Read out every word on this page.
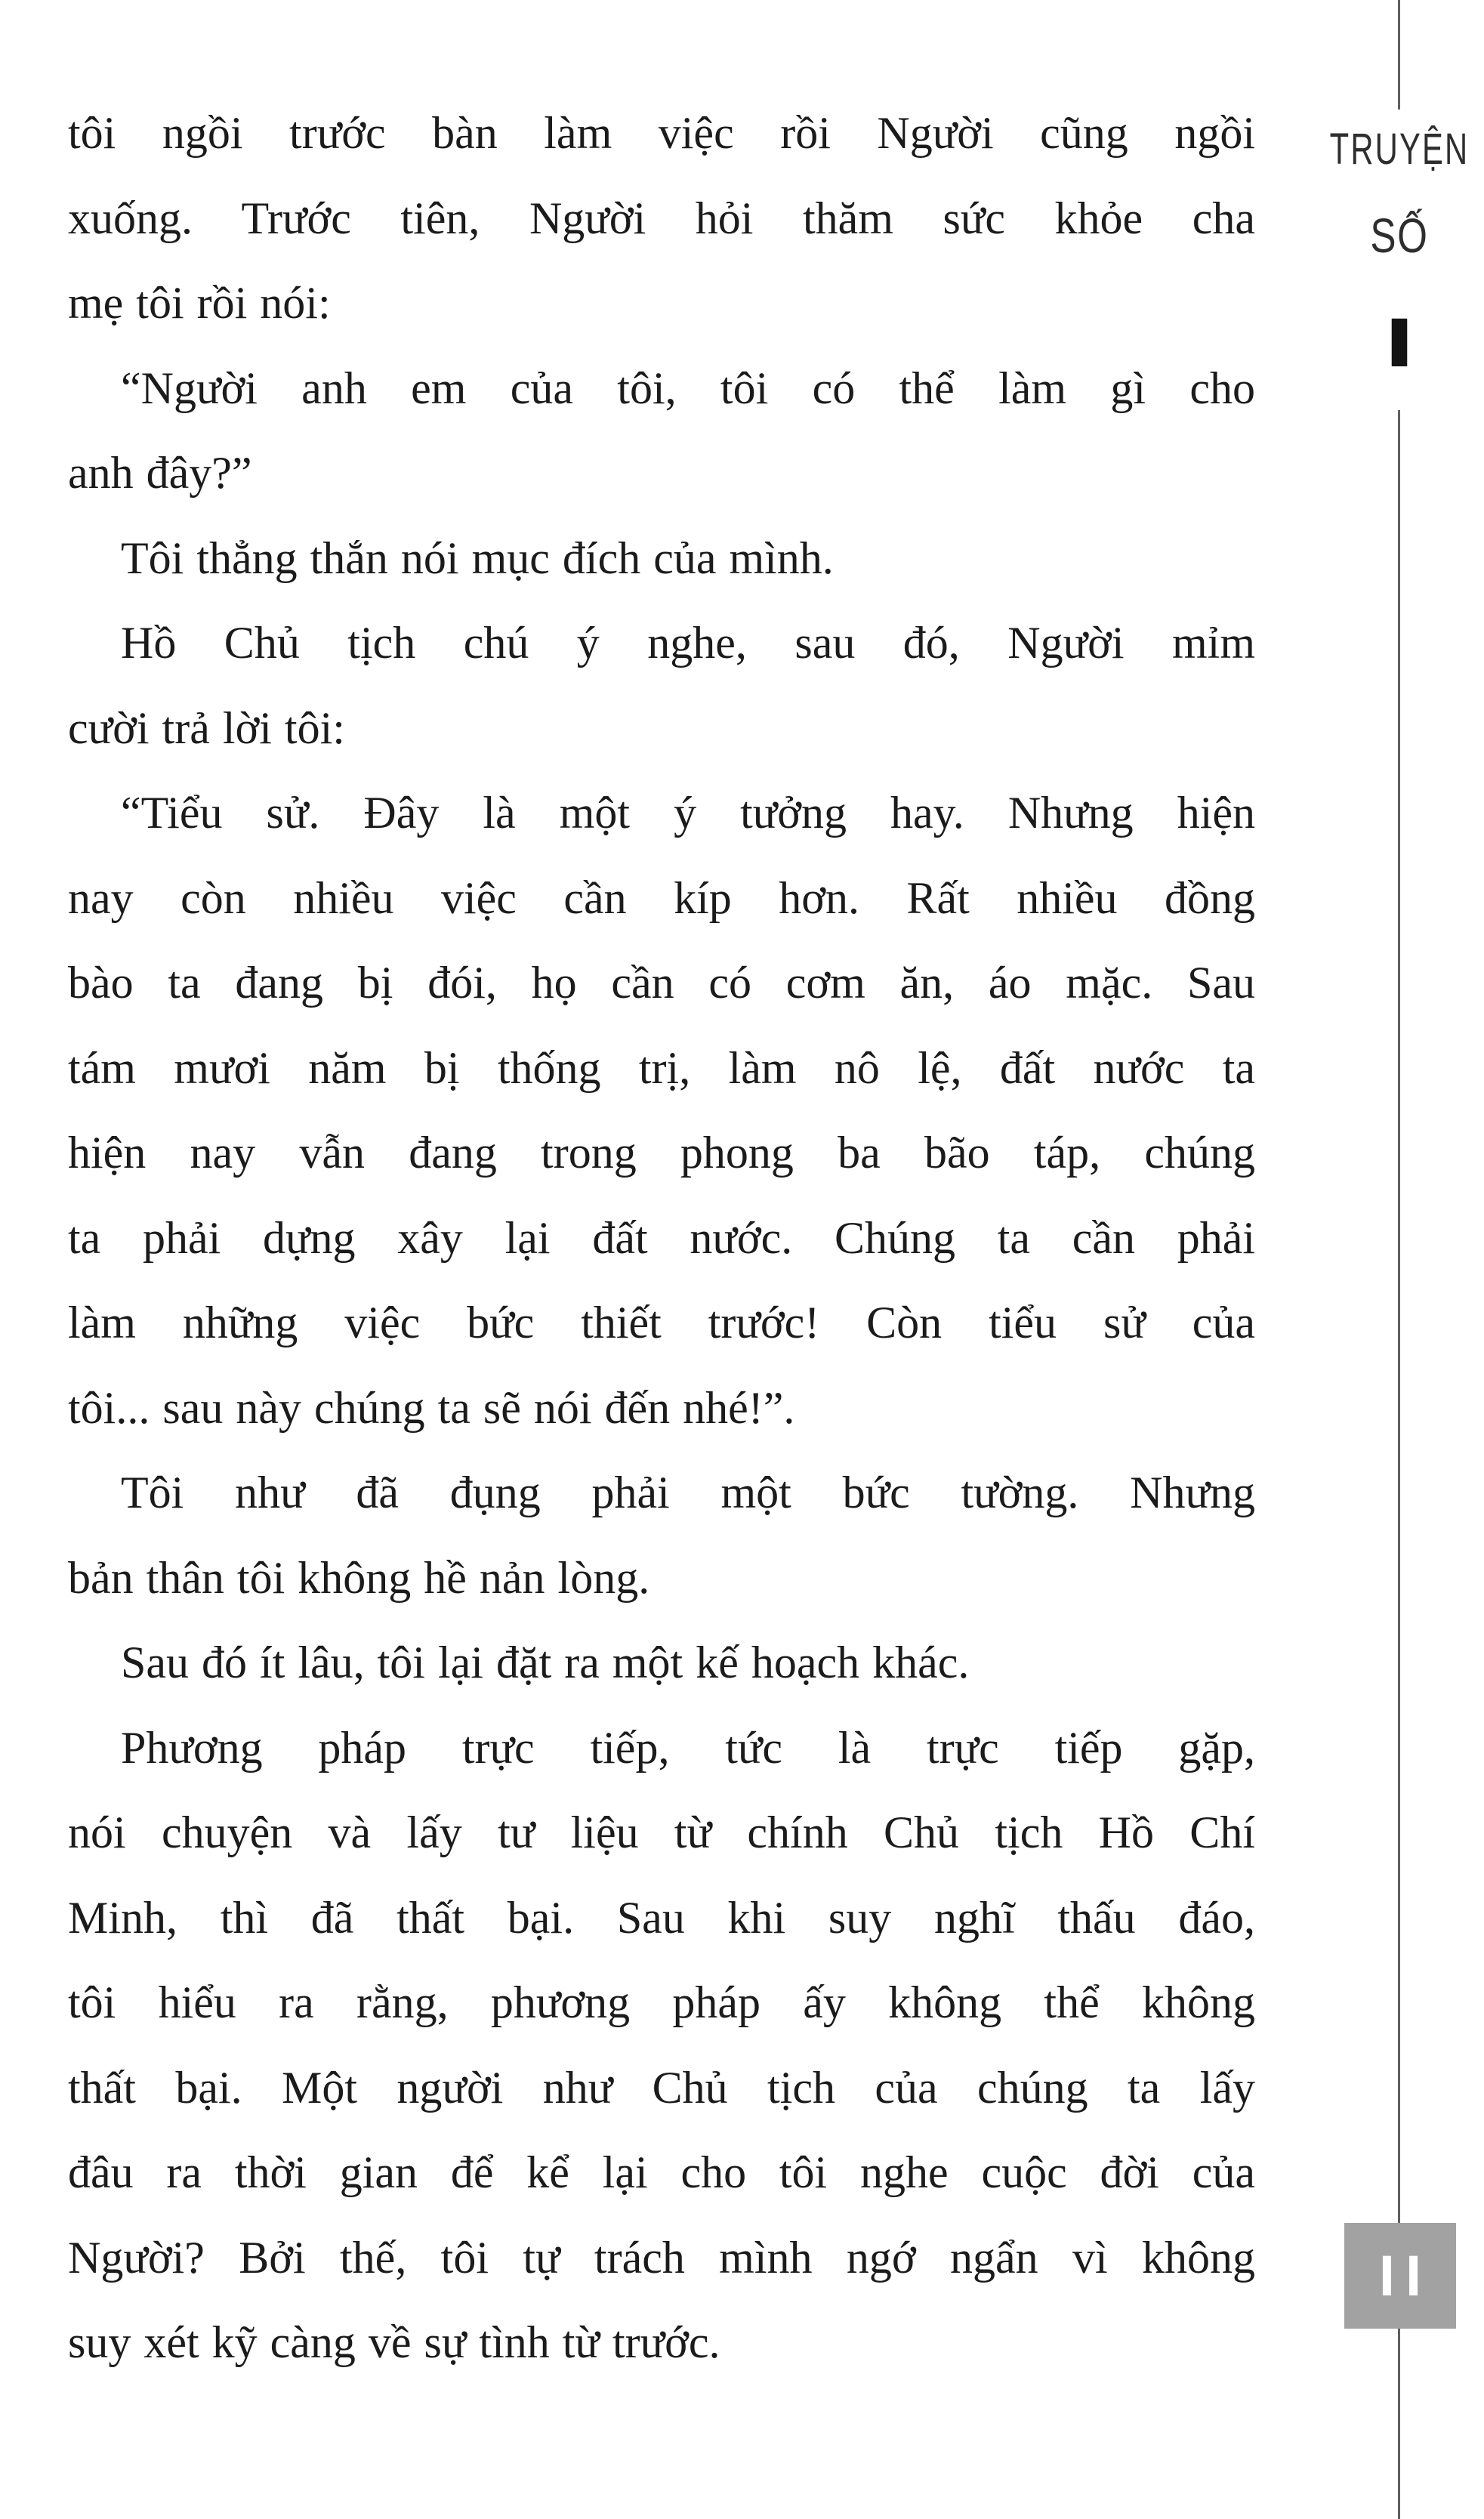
tôi ngồi trước bàn làm việc rồi Người cũng ngồi
xuống. Trước tiên, Người hỏi thăm sức khỏe cha
mẹ tôi rồi nói:
“Người anh em của tôi, tôi có thể làm gì cho
anh đây?”
Tôi thẳng thắn nói mục đích của mình.
Hồ Chủ tịch chú ý nghe, sau đó, Người mỉm
cười trả lời tôi:
“Tiểu sử. Đây là một ý tưởng hay. Nhưng hiện
nay còn nhiều việc cần kíp hơn. Rất nhiều đồng
bào ta đang bị đói, họ cần có cơm ăn, áo mặc. Sau
tám mươi năm bị thống trị, làm nô lệ, đất nước ta
hiện nay vẫn đang trong phong ba bão táp, chúng
ta phải dựng xây lại đất nước. Chúng ta cần phải
làm những việc bức thiết trước! Còn tiểu sử của
tôi... sau này chúng ta sẽ nói đến nhé!”.
Tôi như đã đụng phải một bức tường. Nhưng
bản thân tôi không hề nản lòng.
Sau đó ít lâu, tôi lại đặt ra một kế hoạch khác.
Phương pháp trực tiếp, tức là trực tiếp gặp,
nói chuyện và lấy tư liệu từ chính Chủ tịch Hồ Chí
Minh, thì đã thất bại. Sau khi suy nghĩ thấu đáo,
tôi hiểu ra rằng, phương pháp ấy không thể không
thất bại. Một người như Chủ tịch của chúng ta lấy
đâu ra thời gian để kể lại cho tôi nghe cuộc đời của
Người? Bởi thế, tôi tự trách mình ngớ ngẩn vì không
suy xét kỹ càng về sự tình từ trước.
TRUYỆN
SỐ
I
II
